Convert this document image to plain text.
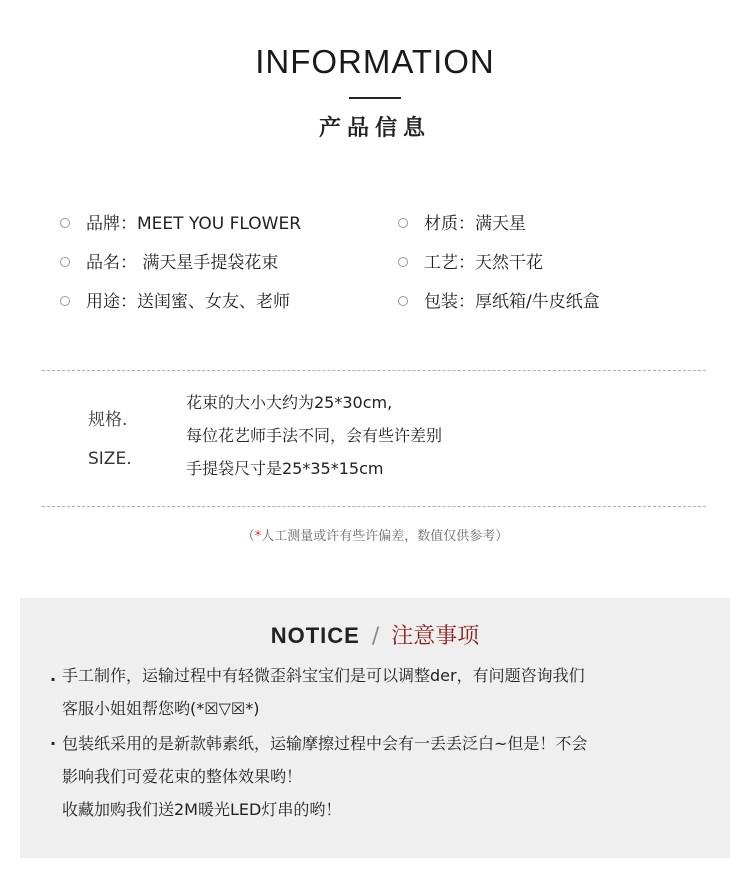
INFORMATION
产品信息
品牌：MEET YOU FLOWER	材质：满天星
品名： 满天星手提袋花束	工艺：天然干花
用途：送闺蜜、女友、老师	包装：厚纸箱/牛皮纸盒
规格.
SIZE.
花束的大小大约为25*30cm,
每位花艺师手法不同，会有些许差别
手提袋尺寸是25*35*15cm
（*人工测量或许有些许偏差，数值仅供参考）
NOTICE / 注意事项
. 手工制作，运输过程中有轻微歪斜宝宝们是可以调整der，有问题咨询我们
客服小姐姐帮您哟(*☒▽☒*)
· 包装纸采用的是新款韩素纸，运输摩擦过程中会有一丢丢泛白~但是！不会
影响我们可爱花束的整体效果哟！
收藏加购我们送2M暖光LED灯串的哟！
